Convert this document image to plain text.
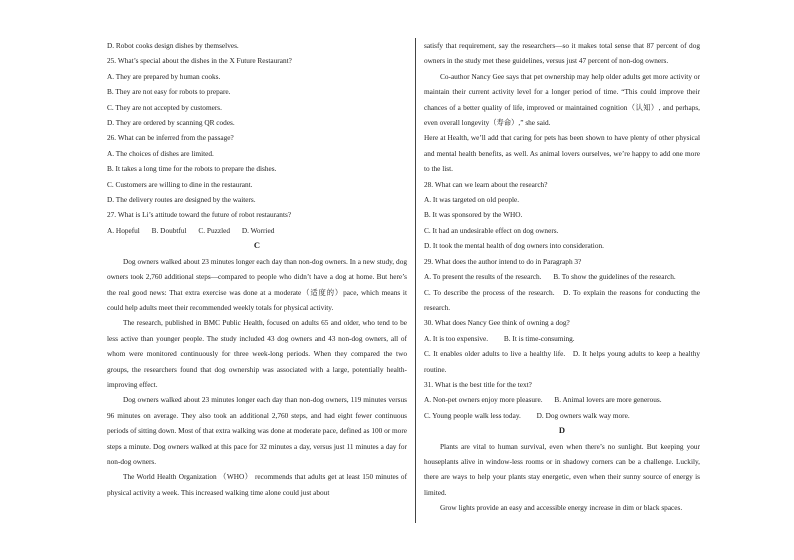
D. Robot cooks design dishes by themselves.
25. What’s special about the dishes in the X Future Restaurant?
A. They are prepared by human cooks.
B. They are not easy for robots to prepare.
C. They are not accepted by customers.
D. They are ordered by scanning QR codes.
26. What can be inferred from the passage?
A. The choices of dishes are limited.
B. It takes a long time for the robots to prepare the dishes.
C. Customers are willing to dine in the restaurant.
D. The delivery routes are designed by the waiters.
27. What is Li’s attitude toward the future of robot restaurants?
A. Hopeful B. Doubtful C. Puzzled D. Worried
C

Dog owners walked about 23 minutes longer each day than non-dog owners. In a new study, dog owners took 2,760 additional steps—compared to people who didn’t have a dog at home. But here’s the real good news: That extra exercise was done at a moderate（适度的）pace, which means it could help adults meet their recommended weekly totals for physical activity.

The research, published in BMC Public Health, focused on adults 65 and older, who tend to be less active than younger people. The study included 43 dog owners and 43 non-dog owners, all of whom were monitored continuously for three week-long periods. When they compared the two groups, the researchers found that dog ownership was associated with a large, potentially health-improving effect.

Dog owners walked about 23 minutes longer each day than non-dog owners, 119 minutes versus 96 minutes on average. They also took an additional 2,760 steps, and had eight fewer continuous periods of sitting down. Most of that extra walking was done at moderate pace, defined as 100 or more steps a minute. Dog owners walked at this pace for 32 minutes a day, versus just 11 minutes a day for non-dog owners.

The World Health Organization （WHO） recommends that adults get at least 150 minutes of physical activity a week. This increased walking time alone could just about

satisfy that requirement, say the researchers—so it makes total sense that 87 percent of dog owners in the study met these guidelines, versus just 47 percent of non-dog owners.

Co-author Nancy Gee says that pet ownership may help older adults get more activity or maintain their current activity level for a longer period of time. “This could improve their chances of a better quality of life, improved or maintained cognition（认知）, and perhaps, even overall longevity（寿命）,” she said.

Here at Health, we’ll add that caring for pets has been shown to have plenty of other physical and mental health benefits, as well. As animal lovers ourselves, we’re happy to add one more to the list.

28. What can we learn about the research?
A. It was targeted on old people.
B. It was sponsored by the WHO.
C. It had an undesirable effect on dog owners.
D. It took the mental health of dog owners into consideration.
29. What does the author intend to do in Paragraph 3?
A. To present the results of the research. B. To show the guidelines of the research.

C. To describe the process of the research. D. To explain the reasons for conducting the research.

30. What does Nancy Gee think of owning a dog?
A. It is too expensive. B. It is time-consuming.

C. It enables older adults to live a healthy life. D. It helps young adults to keep a healthy routine.

31. What is the best title for the text?
A. Non-pet owners enjoy more pleasure. B. Animal lovers are more generous.
C. Young people walk less today. D. Dog owners walk way more.
D

Plants are vital to human survival, even when there’s no sunlight. But keeping your houseplants alive in window-less rooms or in shadowy corners can be a challenge. Luckily, there are ways to help your plants stay energetic, even when their sunny source of energy is limited.

Grow lights provide an easy and accessible energy increase in dim or black spaces.
